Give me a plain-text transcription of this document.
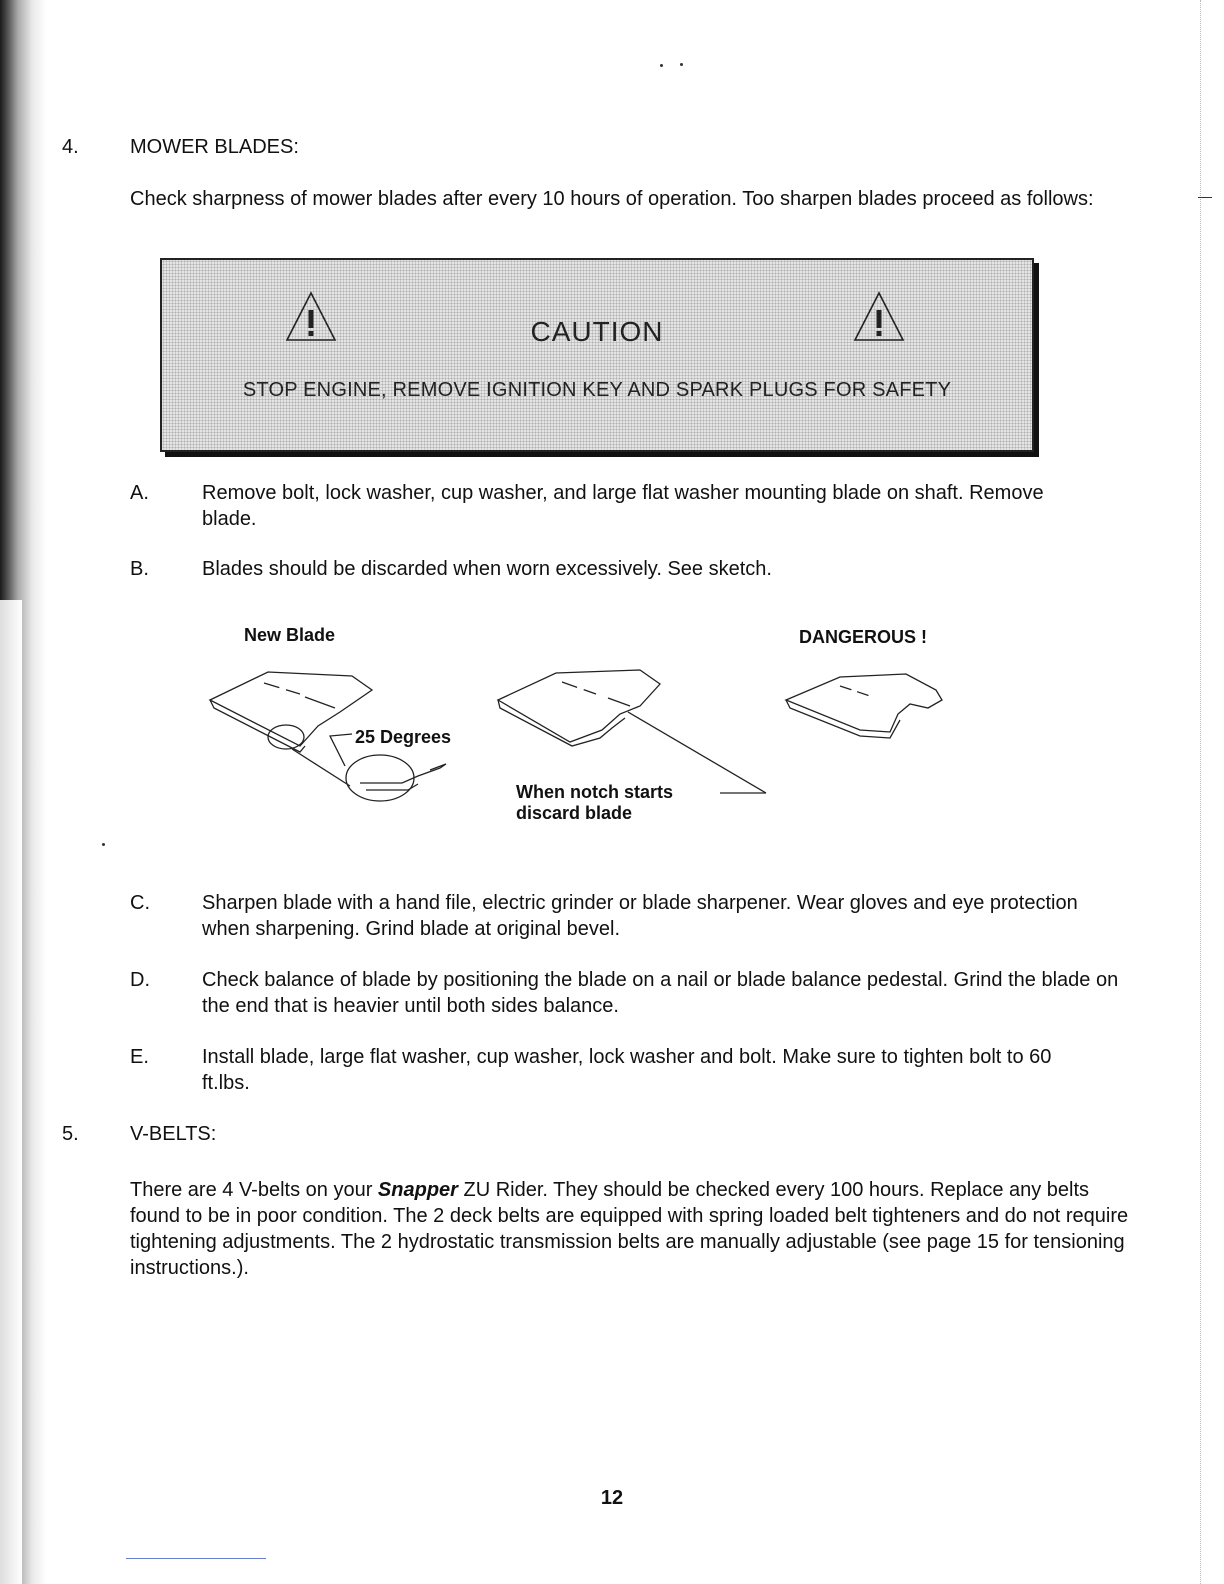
4.	MOWER BLADES:

Check sharpness of mower blades after every 10 hours of operation. Too sharpen blades proceed as follows:

CAUTION
STOP ENGINE, REMOVE IGNITION KEY AND SPARK PLUGS FOR SAFETY

A.	Remove bolt, lock washer, cup washer, and large flat washer mounting blade on shaft. Remove blade.

B.	Blades should be discarded when worn excessively. See sketch.

New Blade	DANGEROUS !

25 Degrees

When notch starts

discard blade

C.	Sharpen blade with a hand file, electric grinder or blade sharpener. Wear gloves and eye protection when sharpening. Grind blade at original bevel.

D.	Check balance of blade by positioning the blade on a nail or blade balance pedestal. Grind the blade on the end that is heavier until both sides balance.

E.	Install blade, large flat washer, cup washer, lock washer and bolt. Make sure to tighten bolt to 60 ft.lbs.

5.	V-BELTS:

There are 4 V-belts on your Snapper ZU Rider. They should be checked every 100 hours. Replace any belts found to be in poor condition. The 2 deck belts are equipped with spring loaded belt tighteners and do not require tightening adjustments. The 2 hydrostatic transmission belts are manually adjustable (see page 15 for tensioning instructions.).

12
